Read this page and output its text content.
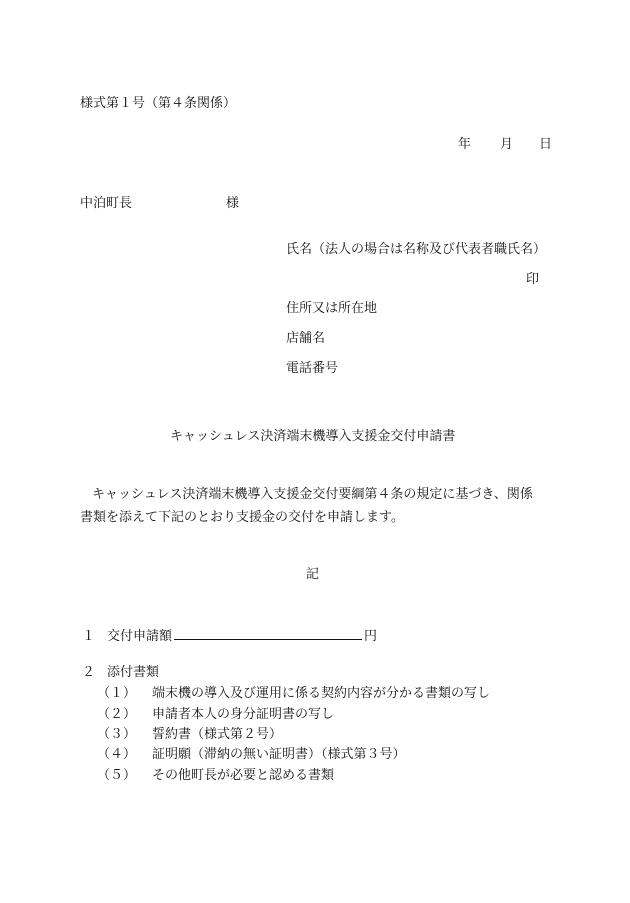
様式第１号（第４条関係）
年 月 日
中泊町長	様
氏名（法人の場合は名称及び代表者職氏名）
印
住所又は所在地
店舗名
電話番号
キャッシュレス決済端末機導入支援金交付申請書
キャッシュレス決済端末機導入支援金交付要綱第４条の規定に基づき、関係
書類を添えて下記のとおり支援金の交付を申請します。
記
１ 交付申請額	円
２ 添付書類
（１） 端末機の導入及び運用に係る契約内容が分かる書類の写し
（２） 申請者本人の身分証明書の写し
（３） 誓約書（様式第２号）
（４） 証明願（滞納の無い証明書）（様式第３号）
（５） その他町長が必要と認める書類
